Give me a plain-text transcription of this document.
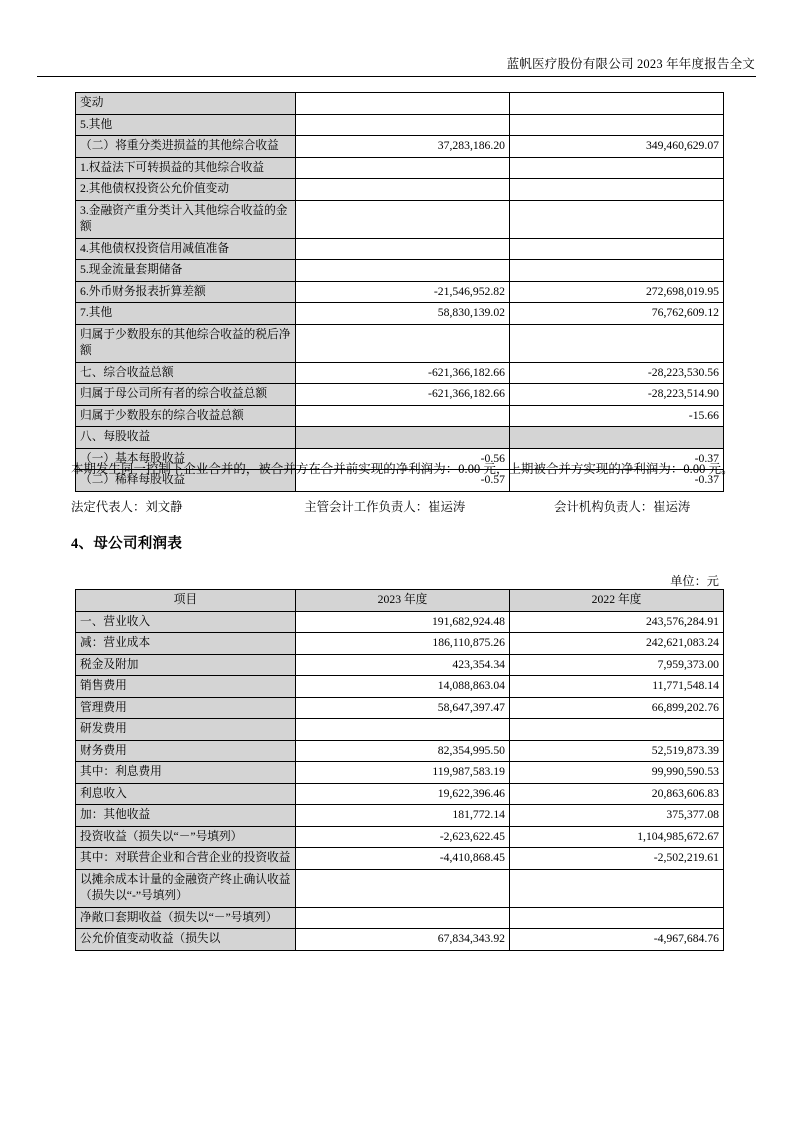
蓝帆医疗股份有限公司 2023 年年度报告全文
变动		
5.其他		
（二）将重分类进损益的其他综合收益	37,283,186.20	349,460,629.07
1.权益法下可转损益的其他综合收益		
2.其他债权投资公允价值变动		
3.金融资产重分类计入其他综合收益的金额		
4.其他债权投资信用减值准备		
5.现金流量套期储备		
6.外币财务报表折算差额	-21,546,952.82	272,698,019.95
7.其他	58,830,139.02	76,762,609.12
归属于少数股东的其他综合收益的税后净额		
七、综合收益总额	-621,366,182.66	-28,223,530.56
归属于母公司所有者的综合收益总额	-621,366,182.66	-28,223,514.90
归属于少数股东的综合收益总额		-15.66
八、每股收益		
（一）基本每股收益	-0.56	-0.37
（二）稀释每股收益	-0.57	-0.37
本期发生同一控制下企业合并的，被合并方在合并前实现的净利润为：0.00 元，上期被合并方实现的净利润为：0.00 元。
法定代表人：刘文静	主管会计工作负责人：崔运涛	会计机构负责人：崔运涛
4、母公司利润表
单位：元
项目	2023 年度	2022 年度
一、营业收入	191,682,924.48	243,576,284.91
减：营业成本	186,110,875.26	242,621,083.24
税金及附加	423,354.34	7,959,373.00
销售费用	14,088,863.04	11,771,548.14
管理费用	58,647,397.47	66,899,202.76
研发费用		
财务费用	82,354,995.50	52,519,873.39
其中：利息费用	119,987,583.19	99,990,590.53
利息收入	19,622,396.46	20,863,606.83
加：其他收益	181,772.14	375,377.08
投资收益（损失以“－”号填列）	-2,623,622.45	1,104,985,672.67
其中：对联营企业和合营企业的投资收益	-4,410,868.45	-2,502,219.61
以摊余成本计量的金融资产终止确认收益（损失以“-”号填列）		
净敞口套期收益（损失以“－”号填列）		
公允价值变动收益（损失以	67,834,343.92	-4,967,684.76
